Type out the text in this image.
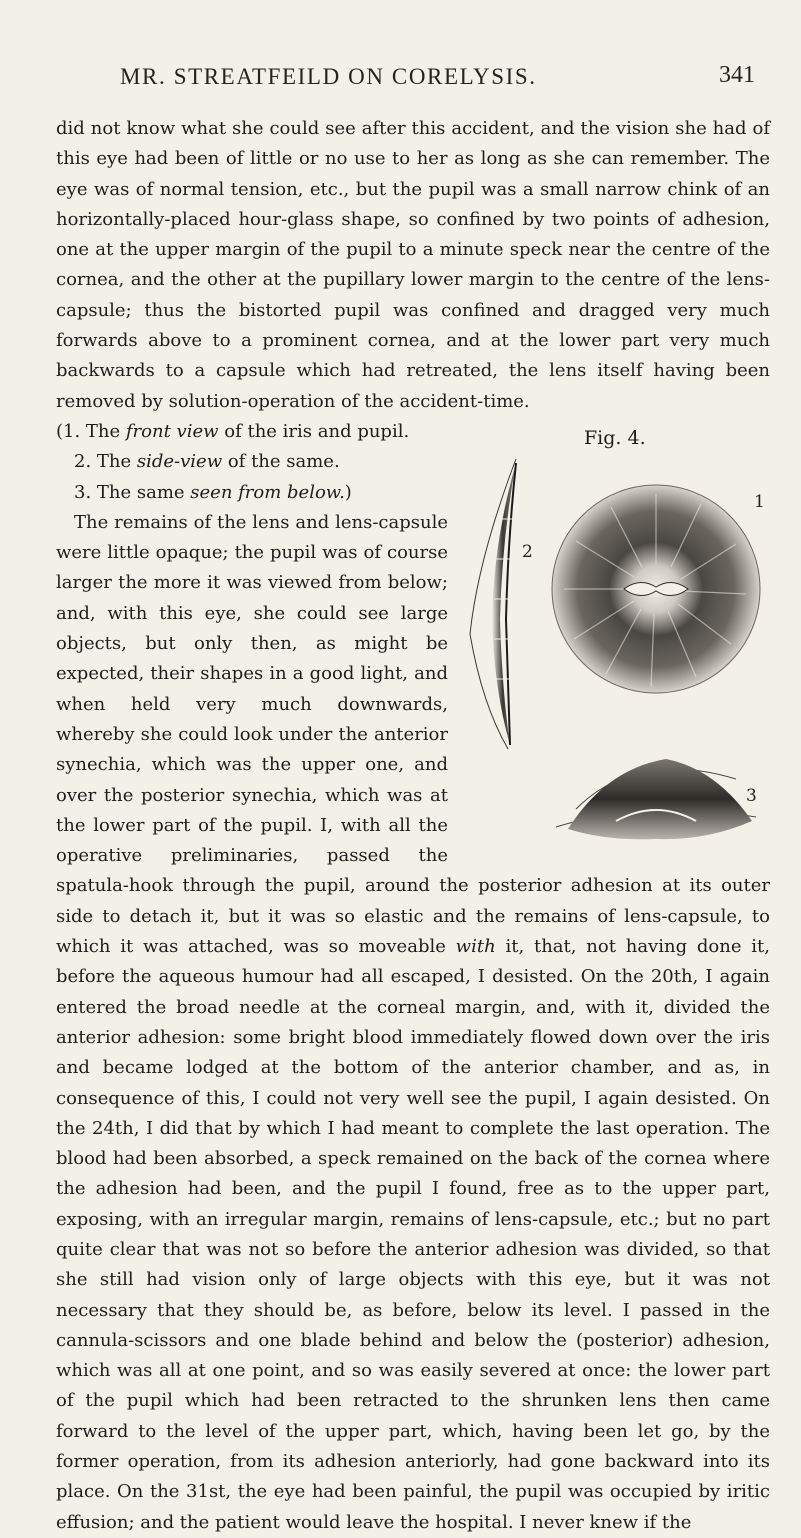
MR. STREATFEILD ON CORELYSIS.	341

did not know what she could see after this accident, and the vision she had of this eye had been of little or no use to her as long as she can remember. The eye was of normal tension, etc., but the pupil was a small narrow chink of an horizontally-placed hour-glass shape, so confined by two points of adhesion, one at the upper margin of the pupil to a minute speck near the centre of the cornea, and the other at the pupillary lower margin to the centre of the lens-capsule; thus the bistorted pupil was confined and dragged very much forwards above to a prominent cornea, and at the lower part very much backwards to a capsule which had retreated, the lens itself having been removed by solution-operation of the accident-time.

Fig. 4.
2
1
3

(1. The front view of the iris and pupil.

2. The side-view of the same.

3. The same seen from below.)

The remains of the lens and lens-capsule were little opaque; the pupil was of course larger the more it was viewed from below; and, with this eye, she could see large objects, but only then, as might be expected, their shapes in a good light, and when held very much downwards, whereby she could look under the anterior synechia, which was the upper one, and over the posterior synechia, which was at the lower part of the pupil. I, with all the operative preliminaries, passed the spatula-hook through the pupil, around the posterior adhesion at its outer side to detach it, but it was so elastic and the remains of lens-capsule, to which it was attached, was so moveable with it, that, not having done it, before the aqueous humour had all escaped, I desisted. On the 20th, I again entered the broad needle at the corneal margin, and, with it, divided the anterior adhesion: some bright blood immediately flowed down over the iris and became lodged at the bottom of the anterior chamber, and as, in consequence of this, I could not very well see the pupil, I again desisted. On the 24th, I did that by which I had meant to complete the last operation. The blood had been absorbed, a speck remained on the back of the cornea where the adhesion had been, and the pupil I found, free as to the upper part, exposing, with an irregular margin, remains of lens-capsule, etc.; but no part quite clear that was not so before the anterior adhesion was divided, so that she still had vision only of large objects with this eye, but it was not necessary that they should be, as before, below its level. I passed in the cannula-scissors and one blade behind and below the (posterior) adhesion, which was all at one point, and so was easily severed at once: the lower part of the pupil which had been retracted to the shrunken lens then came forward to the level of the upper part, which, having been let go, by the former operation, from its adhesion anteriorly, had gone backward into its place. On the 31st, the eye had been painful, the pupil was occupied by iritic effusion; and the patient would leave the hospital. I never knew if the
